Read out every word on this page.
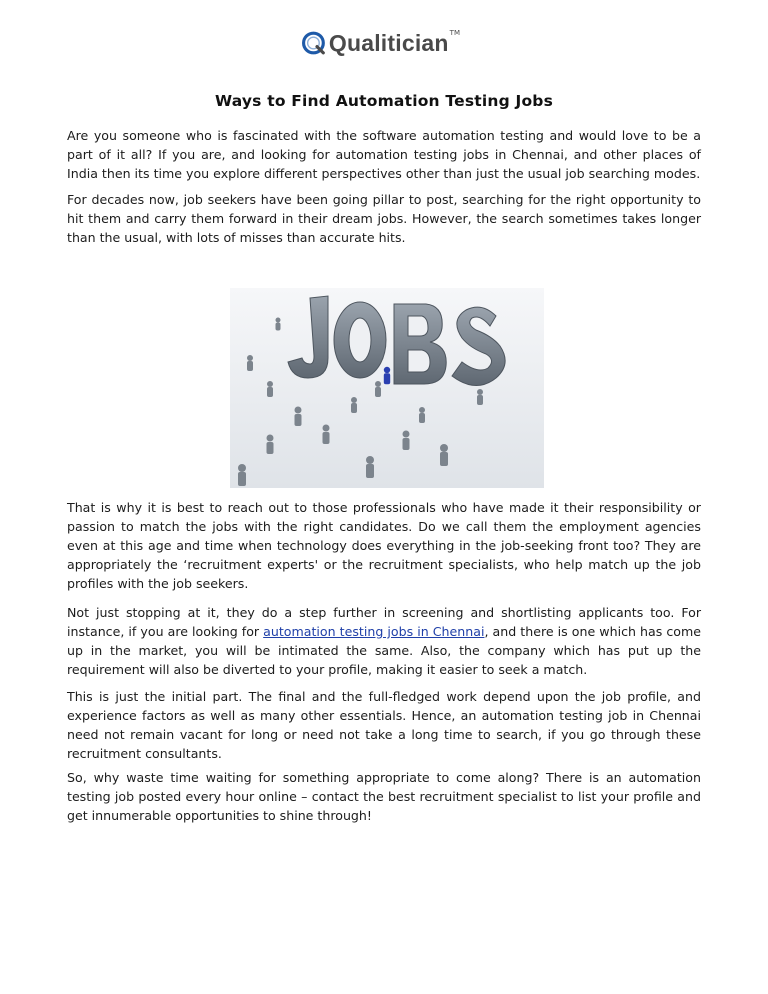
Qualitician TM
Ways to Find Automation Testing Jobs

Are you someone who is fascinated with the software automation testing and would love to be a part of it all? If you are, and looking for automation testing jobs in Chennai, and other places of India then its time you explore different perspectives other than just the usual job searching modes.

For decades now, job seekers have been going pillar to post, searching for the right opportunity to hit them and carry them forward in their dream jobs. However, the search sometimes takes longer than the usual, with lots of misses than accurate hits.

That is why it is best to reach out to those professionals who have made it their responsibility or passion to match the jobs with the right candidates. Do we call them the employment agencies even at this age and time when technology does everything in the job-seeking front too? They are appropriately the ‘recruitment experts' or the recruitment specialists, who help match up the job profiles with the job seekers.

Not just stopping at it, they do a step further in screening and shortlisting applicants too. For instance, if you are looking for automation testing jobs in Chennai, and there is one which has come up in the market, you will be intimated the same. Also, the company which has put up the requirement will also be diverted to your profile, making it easier to seek a match.

This is just the initial part. The final and the full-fledged work depend upon the job profile, and experience factors as well as many other essentials. Hence, an automation testing job in Chennai need not remain vacant for long or need not take a long time to search, if you go through these recruitment consultants.

So, why waste time waiting for something appropriate to come along? There is an automation testing job posted every hour online – contact the best recruitment specialist to list your profile and get innumerable opportunities to shine through!
